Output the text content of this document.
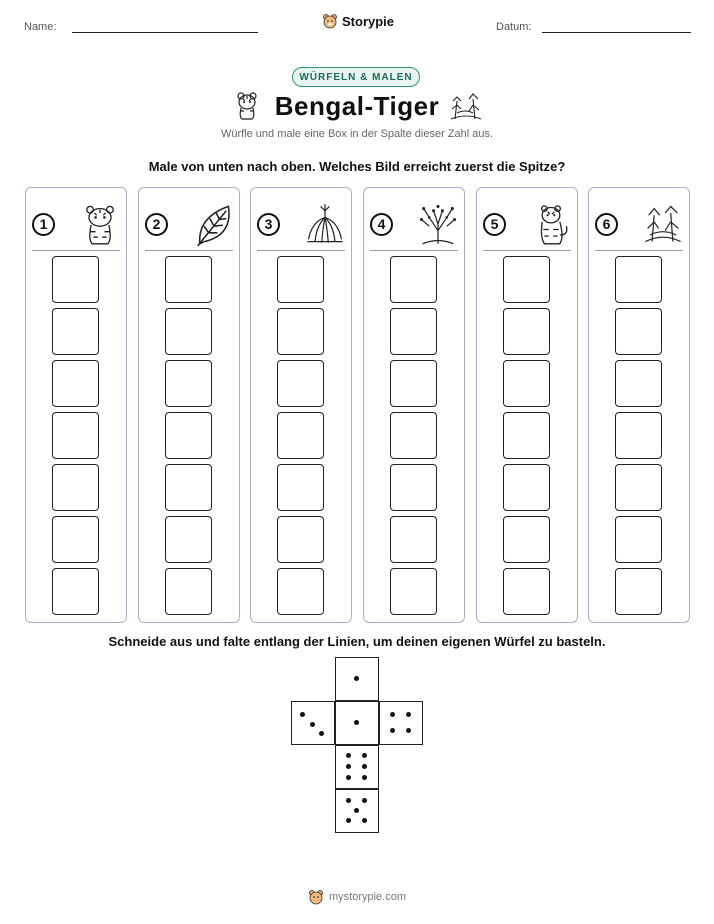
Name:	Storypie	Datum:
WÜRFELN & MALEN
Bengal-Tiger
Würfle und male eine Box in der Spalte dieser Zahl aus.
Male von unten nach oben. Welches Bild erreicht zuerst die Spitze?
1	2	3	4	5	6
Schneide aus und falte entlang der Linien, um deinen eigenen Würfel zu basteln.
mystorypie.com
